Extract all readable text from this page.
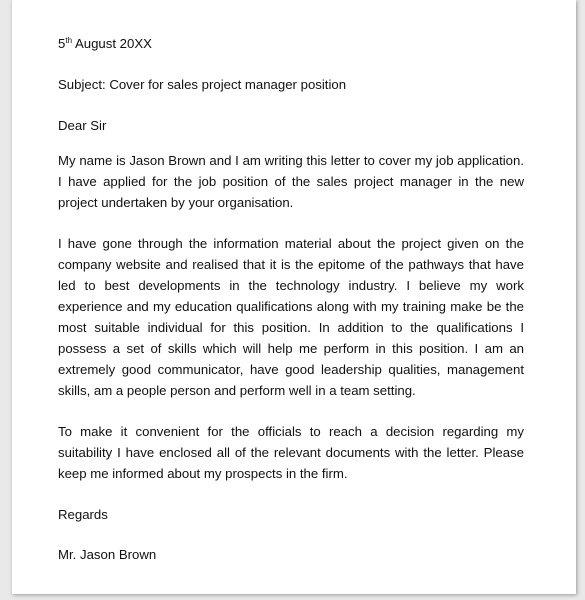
5th August 20XX

Subject: Cover for sales project manager position

Dear Sir

My name is Jason Brown and I am writing this letter to cover my job application. I have applied for the job position of the sales project manager in the new project undertaken by your organisation.

I have gone through the information material about the project given on the company website and realised that it is the epitome of the pathways that have led to best developments in the technology industry. I believe my work experience and my education qualifications along with my training make be the most suitable individual for this position. In addition to the qualifications I possess a set of skills which will help me perform in this position. I am an extremely good communicator, have good leadership qualities, management skills, am a people person and perform well in a team setting.

To make it convenient for the officials to reach a decision regarding my suitability I have enclosed all of the relevant documents with the letter. Please keep me informed about my prospects in the firm.

Regards

Mr. Jason Brown
